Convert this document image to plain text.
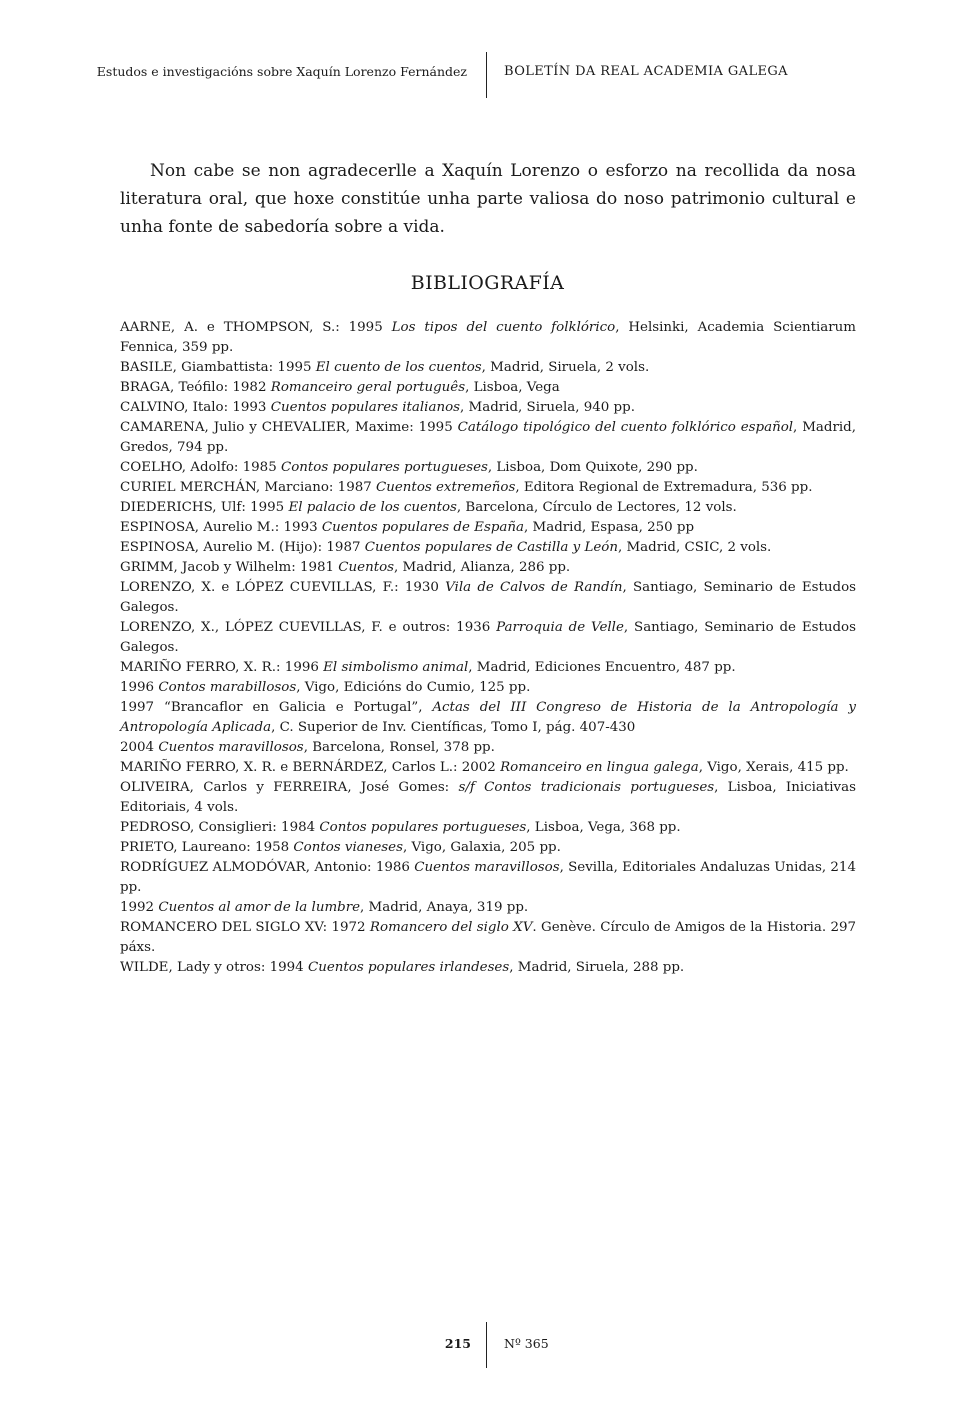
Estudos e investigacións sobre Xaquín Lorenzo Fernández	BOLETÍN DA REAL ACADEMIA GALEGA

Non cabe se non agradecerlle a Xaquín Lorenzo o esforzo na recollida da nosa literatura oral, que hoxe constitúe unha parte valiosa do noso patrimonio cultural e unha fonte de sabedoría sobre a vida.

BIBLIOGRAFÍA
AARNE, A. e THOMPSON, S.: 1995 Los tipos del cuento folklórico, Helsinki, Academia Scientiarum Fennica, 359 pp.
BASILE, Giambattista: 1995 El cuento de los cuentos, Madrid, Siruela, 2 vols.
BRAGA, Teófilo: 1982 Romanceiro geral português, Lisboa, Vega
CALVINO, Italo: 1993 Cuentos populares italianos, Madrid, Siruela, 940 pp.
CAMARENA, Julio y CHEVALIER, Maxime: 1995 Catálogo tipológico del cuento folklórico español, Madrid, Gredos, 794 pp.
COELHO, Adolfo: 1985 Contos populares portugueses, Lisboa, Dom Quixote, 290 pp.
CURIEL MERCHÁN, Marciano: 1987 Cuentos extremeños, Editora Regional de Extremadura, 536 pp.
DIEDERICHS, Ulf: 1995 El palacio de los cuentos, Barcelona, Círculo de Lectores, 12 vols.
ESPINOSA, Aurelio M.: 1993 Cuentos populares de España, Madrid, Espasa, 250 pp
ESPINOSA, Aurelio M. (Hijo): 1987 Cuentos populares de Castilla y León, Madrid, CSIC, 2 vols.
GRIMM, Jacob y Wilhelm: 1981 Cuentos, Madrid, Alianza, 286 pp.
LORENZO, X. e LÓPEZ CUEVILLAS, F.: 1930 Vila de Calvos de Randín, Santiago, Seminario de Estudos Galegos.
LORENZO, X., LÓPEZ CUEVILLAS, F. e outros: 1936 Parroquia de Velle, Santiago, Seminario de Estudos Galegos.
MARIÑO FERRO, X. R.: 1996 El simbolismo animal, Madrid, Ediciones Encuentro, 487 pp.
1996 Contos marabillosos, Vigo, Edicións do Cumio, 125 pp.
1997 “Brancaflor en Galicia e Portugal”, Actas del III Congreso de Historia de la Antropología y Antropología Aplicada, C. Superior de Inv. Científicas, Tomo I, pág. 407-430
2004 Cuentos maravillosos, Barcelona, Ronsel, 378 pp.
MARIÑO FERRO, X. R. e BERNÁRDEZ, Carlos L.: 2002 Romanceiro en lingua galega, Vigo, Xerais, 415 pp.
OLIVEIRA, Carlos y FERREIRA, José Gomes: s/f Contos tradicionais portugueses, Lisboa, Iniciativas Editoriais, 4 vols.
PEDROSO, Consiglieri: 1984 Contos populares portugueses, Lisboa, Vega, 368 pp.
PRIETO, Laureano: 1958 Contos vianeses, Vigo, Galaxia, 205 pp.
RODRÍGUEZ ALMODÓVAR, Antonio: 1986 Cuentos maravillosos, Sevilla, Editoriales Andaluzas Unidas, 214 pp.
1992 Cuentos al amor de la lumbre, Madrid, Anaya, 319 pp.
ROMANCERO DEL SIGLO XV: 1972 Romancero del siglo XV. Genève. Círculo de Amigos de la Historia. 297 páxs.
WILDE, Lady y otros: 1994 Cuentos populares irlandeses, Madrid, Siruela, 288 pp.
215	Nº 365
